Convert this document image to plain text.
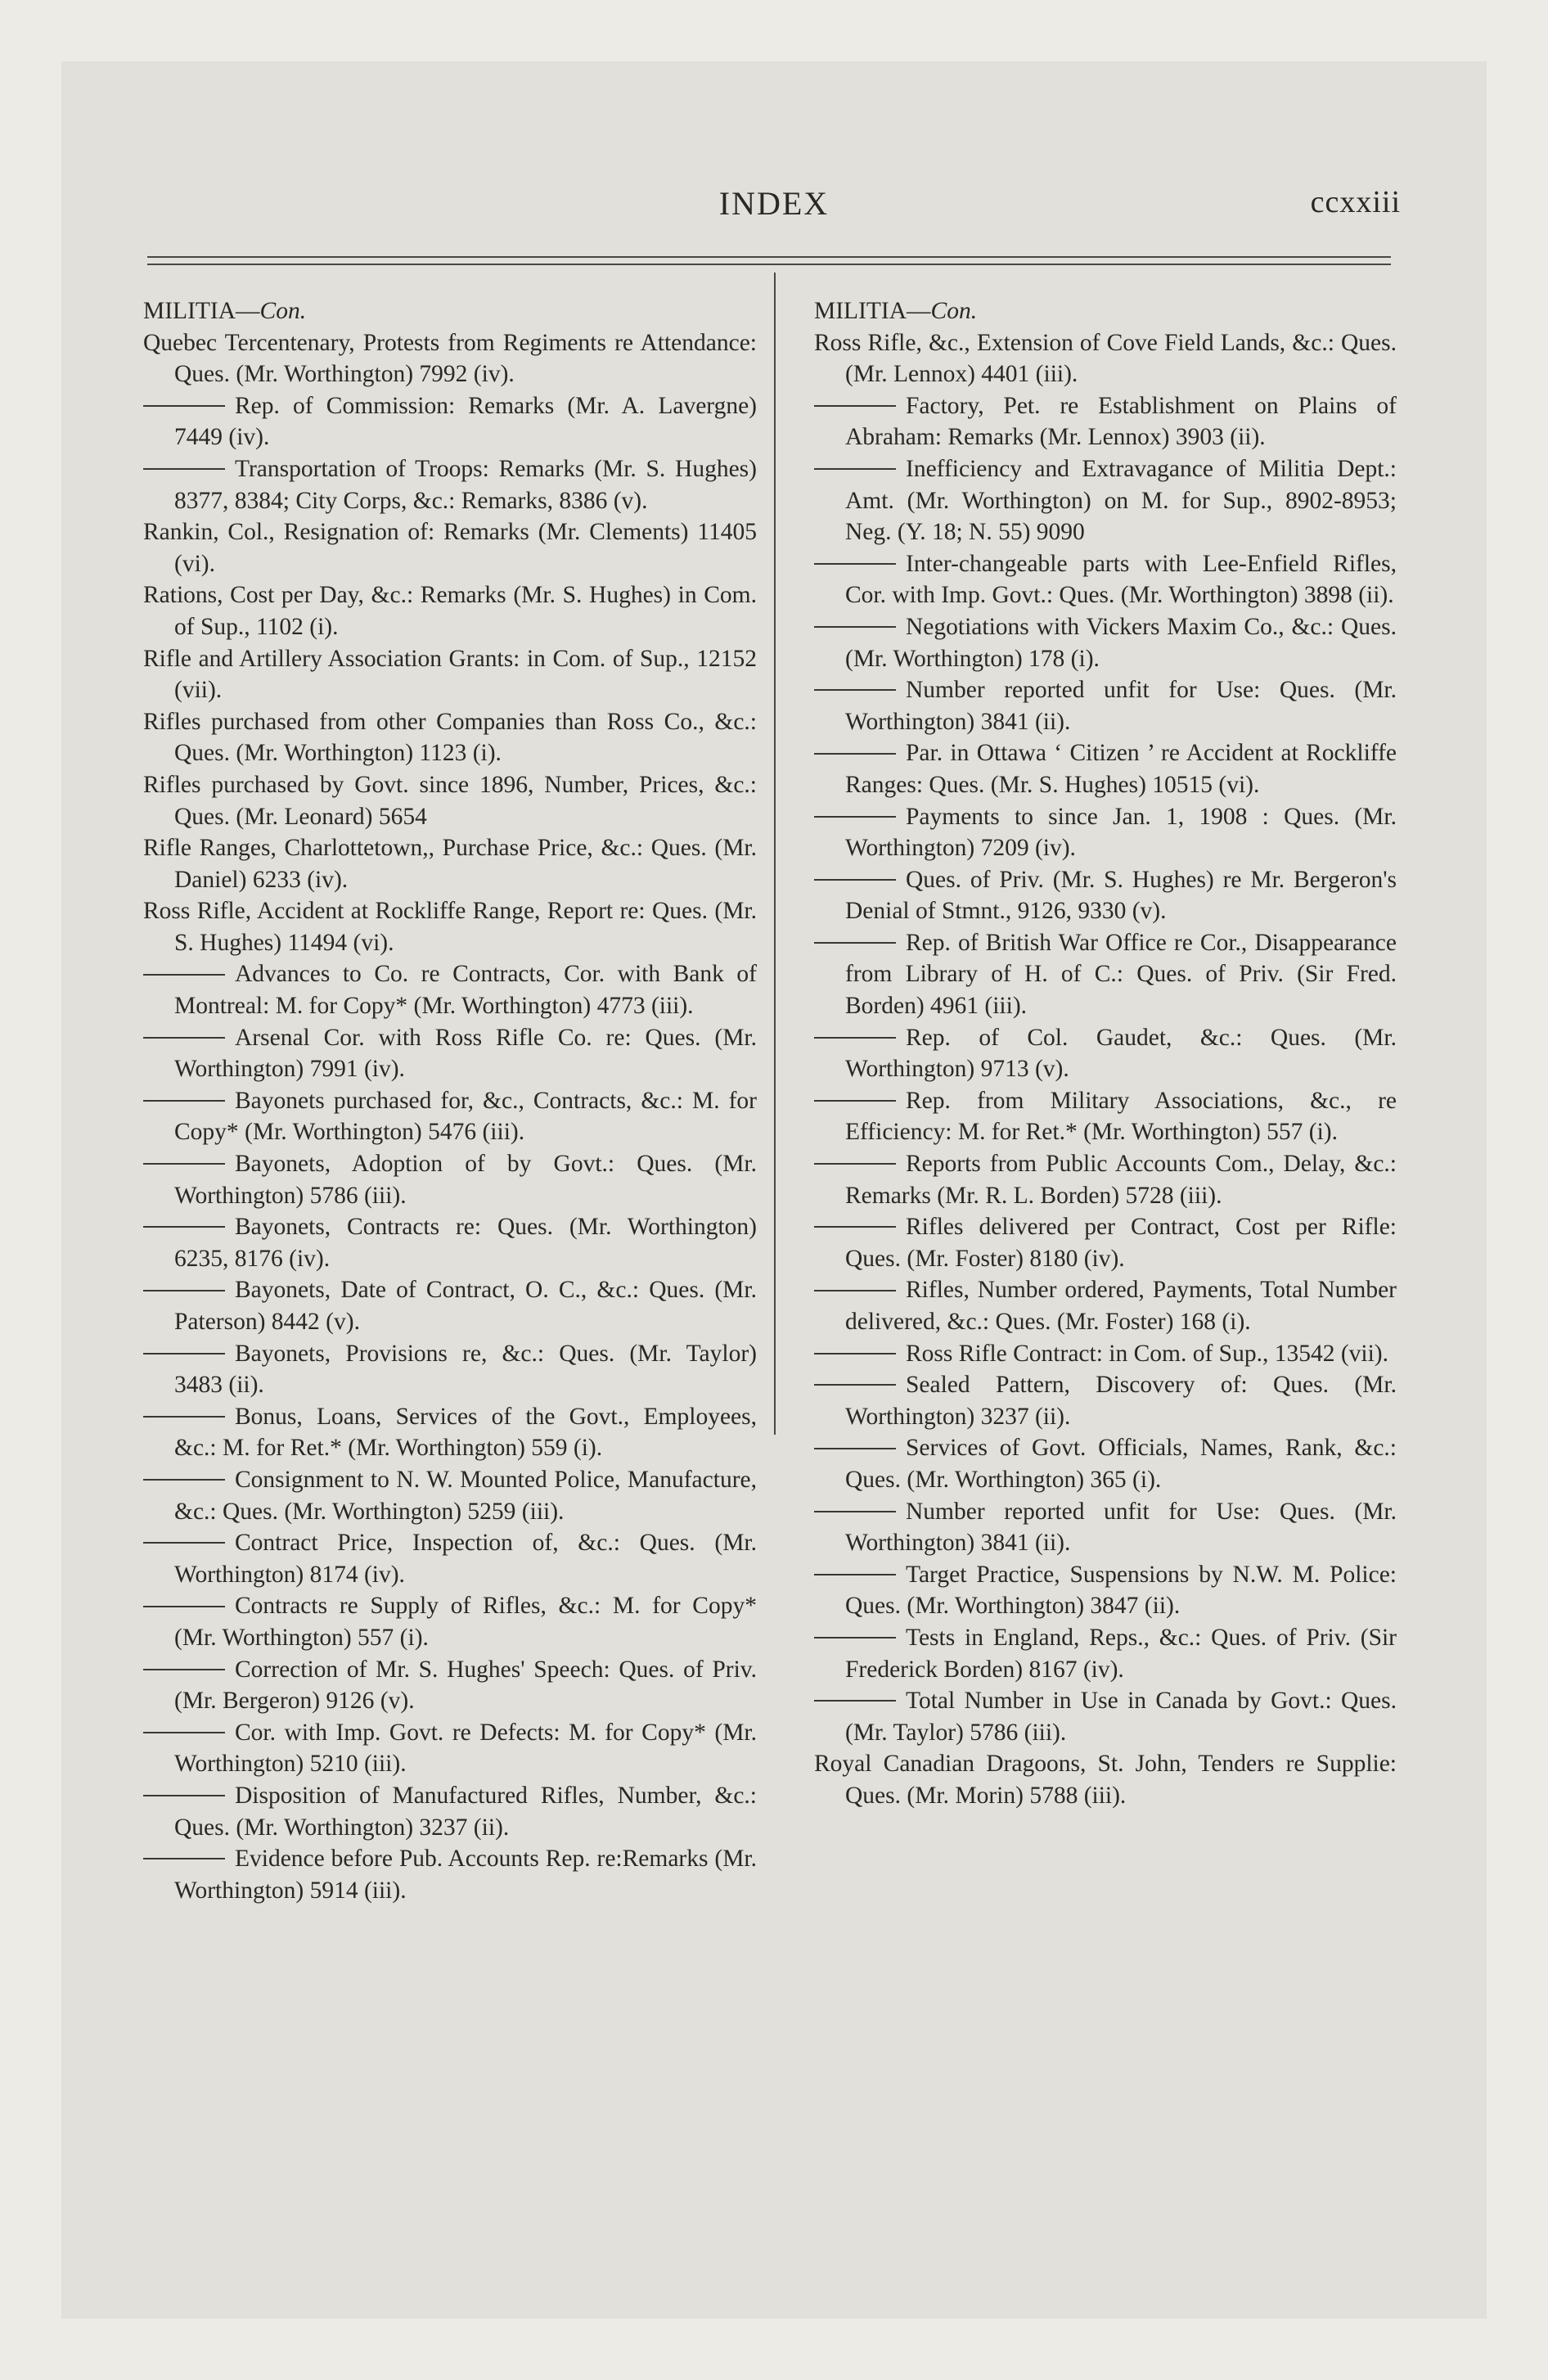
INDEX	ccxxiii

MILITIA—Con.

Quebec Tercentenary, Protests from Regiments re Attendance: Ques. (Mr. Worthington) 7992 (iv).

Rep. of Commission: Remarks (Mr. A. Lavergne) 7449 (iv).

Transportation of Troops: Remarks (Mr. S. Hughes) 8377, 8384; City Corps, &c.: Remarks, 8386 (v).

Rankin, Col., Resignation of: Remarks (Mr. Clements) 11405 (vi).

Rations, Cost per Day, &c.: Remarks (Mr. S. Hughes) in Com. of Sup., 1102 (i).

Rifle and Artillery Association Grants: in Com. of Sup., 12152 (vii).

Rifles purchased from other Companies than Ross Co., &c.: Ques. (Mr. Worthington) 1123 (i).

Rifles purchased by Govt. since 1896, Number, Prices, &c.: Ques. (Mr. Leonard) 5654

Rifle Ranges, Charlottetown,, Purchase Price, &c.: Ques. (Mr. Daniel) 6233 (iv).

Ross Rifle, Accident at Rockliffe Range, Report re: Ques. (Mr. S. Hughes) 11494 (vi).

Advances to Co. re Contracts, Cor. with Bank of Montreal: M. for Copy* (Mr. Worthington) 4773 (iii).

Arsenal Cor. with Ross Rifle Co. re: Ques. (Mr. Worthington) 7991 (iv).

Bayonets purchased for, &c., Contracts, &c.: M. for Copy* (Mr. Worthington) 5476 (iii).

Bayonets, Adoption of by Govt.: Ques. (Mr. Worthington) 5786 (iii).

Bayonets, Contracts re: Ques. (Mr. Worthington) 6235, 8176 (iv).

Bayonets, Date of Contract, O. C., &c.: Ques. (Mr. Paterson) 8442 (v).

Bayonets, Provisions re, &c.: Ques. (Mr. Taylor) 3483 (ii).

Bonus, Loans, Services of the Govt., Employees, &c.: M. for Ret.* (Mr. Worthington) 559 (i).

Consignment to N. W. Mounted Police, Manufacture, &c.: Ques. (Mr. Worthington) 5259 (iii).

Contract Price, Inspection of, &c.: Ques. (Mr. Worthington) 8174 (iv).

Contracts re Supply of Rifles, &c.: M. for Copy* (Mr. Worthington) 557 (i).

Correction of Mr. S. Hughes' Speech: Ques. of Priv. (Mr. Bergeron) 9126 (v).

Cor. with Imp. Govt. re Defects: M. for Copy* (Mr. Worthington) 5210 (iii).

Disposition of Manufactured Rifles, Number, &c.: Ques. (Mr. Worthington) 3237 (ii).

Evidence before Pub. Accounts Rep. re:Remarks (Mr. Worthington) 5914 (iii).

MILITIA—Con.

Ross Rifle, &c., Extension of Cove Field Lands, &c.: Ques. (Mr. Lennox) 4401 (iii).

Factory, Pet. re Establishment on Plains of Abraham: Remarks (Mr. Lennox) 3903 (ii).

Inefficiency and Extravagance of Militia Dept.: Amt. (Mr. Worthington) on M. for Sup., 8902-8953; Neg. (Y. 18; N. 55) 9090

Inter-changeable parts with Lee-Enfield Rifles, Cor. with Imp. Govt.: Ques. (Mr. Worthington) 3898 (ii).

Negotiations with Vickers Maxim Co., &c.: Ques. (Mr. Worthington) 178 (i).

Number reported unfit for Use: Ques. (Mr. Worthington) 3841 (ii).

Par. in Ottawa ‘ Citizen ’ re Accident at Rockliffe Ranges: Ques. (Mr. S. Hughes) 10515 (vi).

Payments to since Jan. 1, 1908 : Ques. (Mr. Worthington) 7209 (iv).

Ques. of Priv. (Mr. S. Hughes) re Mr. Bergeron's Denial of Stmnt., 9126, 9330 (v).

Rep. of British War Office re Cor., Disappearance from Library of H. of C.: Ques. of Priv. (Sir Fred. Borden) 4961 (iii).

Rep. of Col. Gaudet, &c.: Ques. (Mr. Worthington) 9713 (v).

Rep. from Military Associations, &c., re Efficiency: M. for Ret.* (Mr. Worthington) 557 (i).

Reports from Public Accounts Com., Delay, &c.: Remarks (Mr. R. L. Borden) 5728 (iii).

Rifles delivered per Contract, Cost per Rifle: Ques. (Mr. Foster) 8180 (iv).

Rifles, Number ordered, Payments, Total Number delivered, &c.: Ques. (Mr. Foster) 168 (i).

Ross Rifle Contract: in Com. of Sup., 13542 (vii).

Sealed Pattern, Discovery of: Ques. (Mr. Worthington) 3237 (ii).

Services of Govt. Officials, Names, Rank, &c.: Ques. (Mr. Worthington) 365 (i).

Number reported unfit for Use: Ques. (Mr. Worthington) 3841 (ii).

Target Practice, Suspensions by N.W. M. Police: Ques. (Mr. Worthington) 3847 (ii).

Tests in England, Reps., &c.: Ques. of Priv. (Sir Frederick Borden) 8167 (iv).

Total Number in Use in Canada by Govt.: Ques. (Mr. Taylor) 5786 (iii).

Royal Canadian Dragoons, St. John, Tenders re Supplie: Ques. (Mr. Morin) 5788 (iii).
